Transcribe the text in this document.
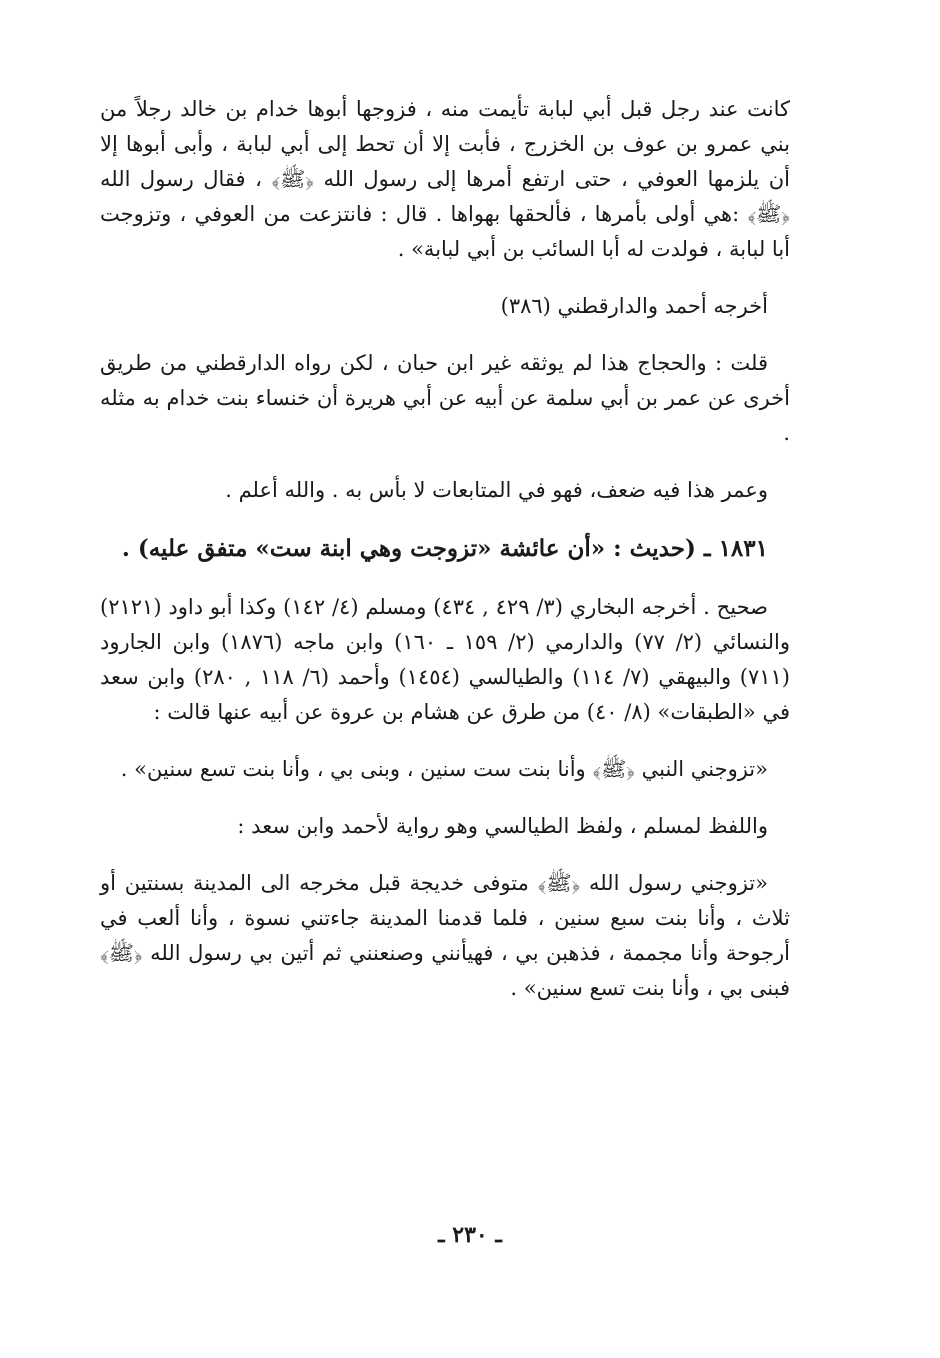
كانت عند رجل قبل أبي لبابة تأيمت منه ، فزوجها أبوها خدام بن خالد رجلاً من بني عمرو بن عوف بن الخزرج ، فأبت إلا أن تحط إلى أبي لبابة ، وأبى أبوها إلا أن يلزمها العوفي ، حتى ارتفع أمرها إلى رسول الله ﴿ﷺ﴾ ، فقال رسول الله ﴿ﷺ﴾ :هي أولى بأمرها ، فألحقها بهواها . قال : فانتزعت من العوفي ، وتزوجت أبا لبابة ، فولدت له أبا السائب بن أبي لبابة» .

أخرجه أحمد والدارقطني (٣٨٦)

قلت : والحجاج هذا لم يوثقه غير ابن حبان ، لكن رواه الدارقطني من طريق أخرى عن عمر بن أبي سلمة عن أبيه عن أبي هريرة أن خنساء بنت خدام به مثله .

وعمر هذا فيه ضعف، فهو في المتابعات لا بأس به . والله أعلم .

١٨٣١ ـ (حديث : «أن عائشة «تزوجت وهي ابنة ست» متفق عليه) .

صحيح . أخرجه البخاري (٣/ ٤٢٩ , ٤٣٤) ومسلم (٤/ ١٤٢) وكذا أبو داود (٢١٢١) والنسائي (٢/ ٧٧) والدارمي (٢/ ١٥٩ ـ ١٦٠) وابن ماجه (١٨٧٦) وابن الجارود (٧١١) والبيهقي (٧/ ١١٤) والطيالسي (١٤٥٤) وأحمد (٦/ ١١٨ , ٢٨٠) وابن سعد في «الطبقات» (٨/ ٤٠) من طرق عن هشام بن عروة عن أبيه عنها قالت :

«تزوجني النبي ﴿ﷺ﴾ وأنا بنت ست سنين ، وبنى بي ، وأنا بنت تسع سنين» .

واللفظ لمسلم ، ولفظ الطيالسي وهو رواية لأحمد وابن سعد :

«تزوجني رسول الله ﴿ﷺ﴾ متوفى خديجة قبل مخرجه الى المدينة بسنتين أو ثلاث ، وأنا بنت سبع سنين ، فلما قدمنا المدينة جاءتني نسوة ، وأنا ألعب في أرجوحة وأنا مجممة ، فذهبن بي ، فهيأنني وصنعنني ثم أتين بي رسول الله ﴿ﷺ﴾ فبنى بي ، وأنا بنت تسع سنين» .

ـ ٢٣٠ ـ
